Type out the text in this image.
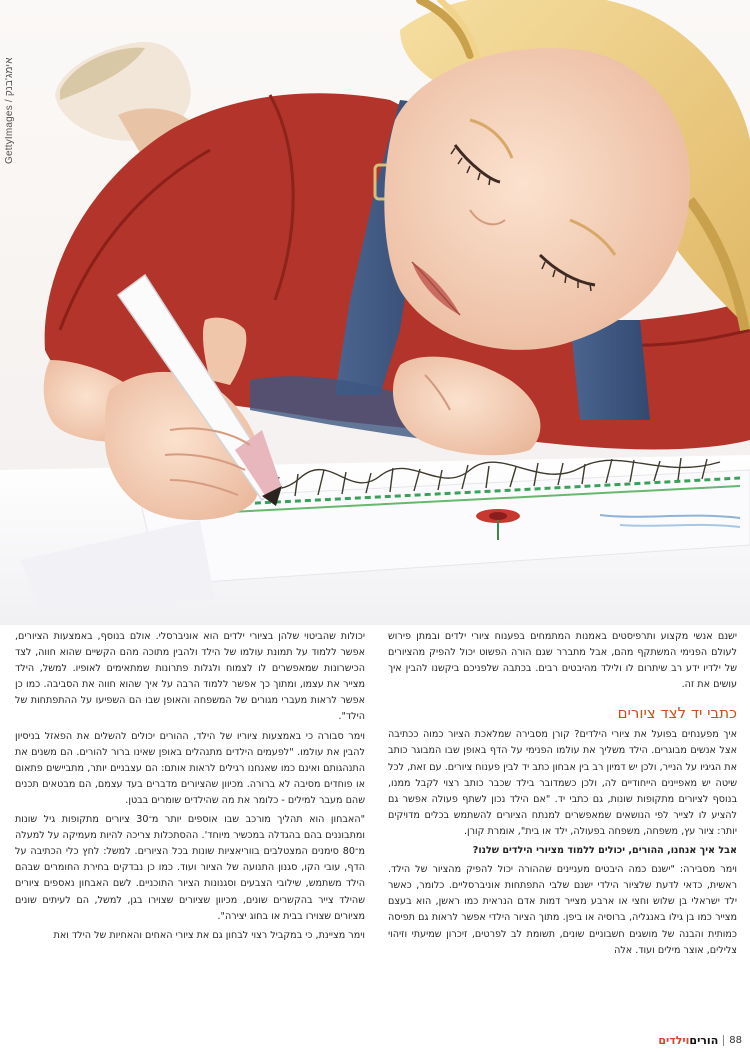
GettyImages / אימג'בנק

ישנם אנשי מקצוע ותרפיסטים באמנות המתמחים בפענוח ציורי ילדים ובמתן פירוש לעולם הפנימי המשתקף מהם, אבל מתברר שגם הורה הפשוט יכול להפיק מהציורים של ילדיו ידע רב שיתרום לו ולילד מהיבטים רבים. בכתבה שלפניכם ביקשנו להבין איך עושים את זה.

כתבי יד לצד ציורים

איך מפענחים בפועל את ציורי הילדים? קורן מסבירה שמלאכת הציור כמוה ככתיבה אצל אנשים מבוגרים. הילד משליך את עולמו הפנימי על הדף באופן שבו המבוגר כותב את הגיגיו על הנייר, ולכן יש דמיון רב בין אבחון כתב יד לבין פענוח ציורים. עם זאת, לכל שיטה יש מאפיינים הייחודיים לה, ולכן כשמדובר בילד שכבר כותב רצוי לקבל ממנו, בנוסף לציורים מתקופות שונות, גם כתבי יד. "אם הילד נכון לשתף פעולה אפשר גם להציע לו לצייר לפי הנושאים שמאפשרים למנתח הציורים להשתמש בכלים מדויקים יותר: ציור עץ, משפחה, משפחה בפעולה, ילד או בית", אומרת קורן.

אבל איך אנחנו, ההורים, יכולים ללמוד מציורי הילדים שלנו?

וימר מסבירה: "ישנם כמה היבטים מעניינים שההורה יכול להפיק מהציור של הילד. ראשית, כדאי לדעת שלציור הילדי ישנם שלבי התפתחות אוניברסליים. כלומר, כאשר ילד ישראלי בן שלוש וחצי או ארבע מצייר דמות אדם הנראית כמו ראשן, הוא בעצם מצייר כמו בן גילו באנגליה, ברוסיה או ביפן. מתוך הציור הילדי אפשר לראות גם תפיסה כמותית והבנה של מושגים חשבוניים שונים, תשומת לב לפרטים, זיכרון שמיעתי וזיהוי צלילים, אוצר מילים ועוד. אלה

יכולות שהביטוי שלהן בציורי ילדים הוא אוניברסלי. אולם בנוסף, באמצעות הציורים, אפשר ללמוד על תמונת עולמו של הילד ולהבין מתוכה מהם הקשיים שהוא חווה, לצד הכישרונות שמאפשרים לו לצמוח ולגלות פתרונות שמתאימים לאופיו. למשל, הילד מצייר את עצמו, ומתוך כך אפשר ללמוד הרבה על איך שהוא חווה את הסביבה. כמו כן אפשר לראות מעברי מגורים של המשפחה והאופן שבו הם השפיעו על ההתפתחות של הילד".

וימר סבורה כי באמצעות ציוריו של הילד, ההורים יכולים להשלים את הפאזל בניסיון להבין את עולמו. "לפעמים הילדים מתנהלים באופן שאינו ברור להורים. הם משנים את התנהגותם ואינם כמו שאנחנו רגילים לראות אותם: הם עצבניים יותר, מתביישים פתאום או פוחדים מסיבה לא ברורה. מכיוון שהציורים מדברים בעד עצמם, הם מבטאים תכנים שהם מעבר למילים - כלומר את מה שהילדים שומרים בבטן.

"האבחון הוא תהליך מורכב שבו אוספים יותר מ־30 ציורים מתקופות גיל שונות ומתבוננים בהם בהגדלה במכשיר מיוחד'. ההסתכלות צריכה להיות מעמיקה על למעלה מ־80 סימנים המצטלבים בווריאציות שונות בכל הציורים. למשל: לחץ כלי הכתיבה על הדף, עובי הקו, סגנון התנועה של הציור ועוד. כמו כן נבדקים בחירת החומרים שבהם הילד משתמש, שילובי הצבעים וסגנונות הציור התוכניים. לשם האבחון נאספים ציורים שהילד צייר בהקשרים שונים, מכיוון שציורים שצוירו בגן, למשל, הם לעיתים שונים מציורים שצוירו בבית או בחוג יצירה".

וימר מציינת, כי במקביל רצוי לבחון גם את ציורי האחים והאחיות של הילד ואת

88
הוריםוילדים
